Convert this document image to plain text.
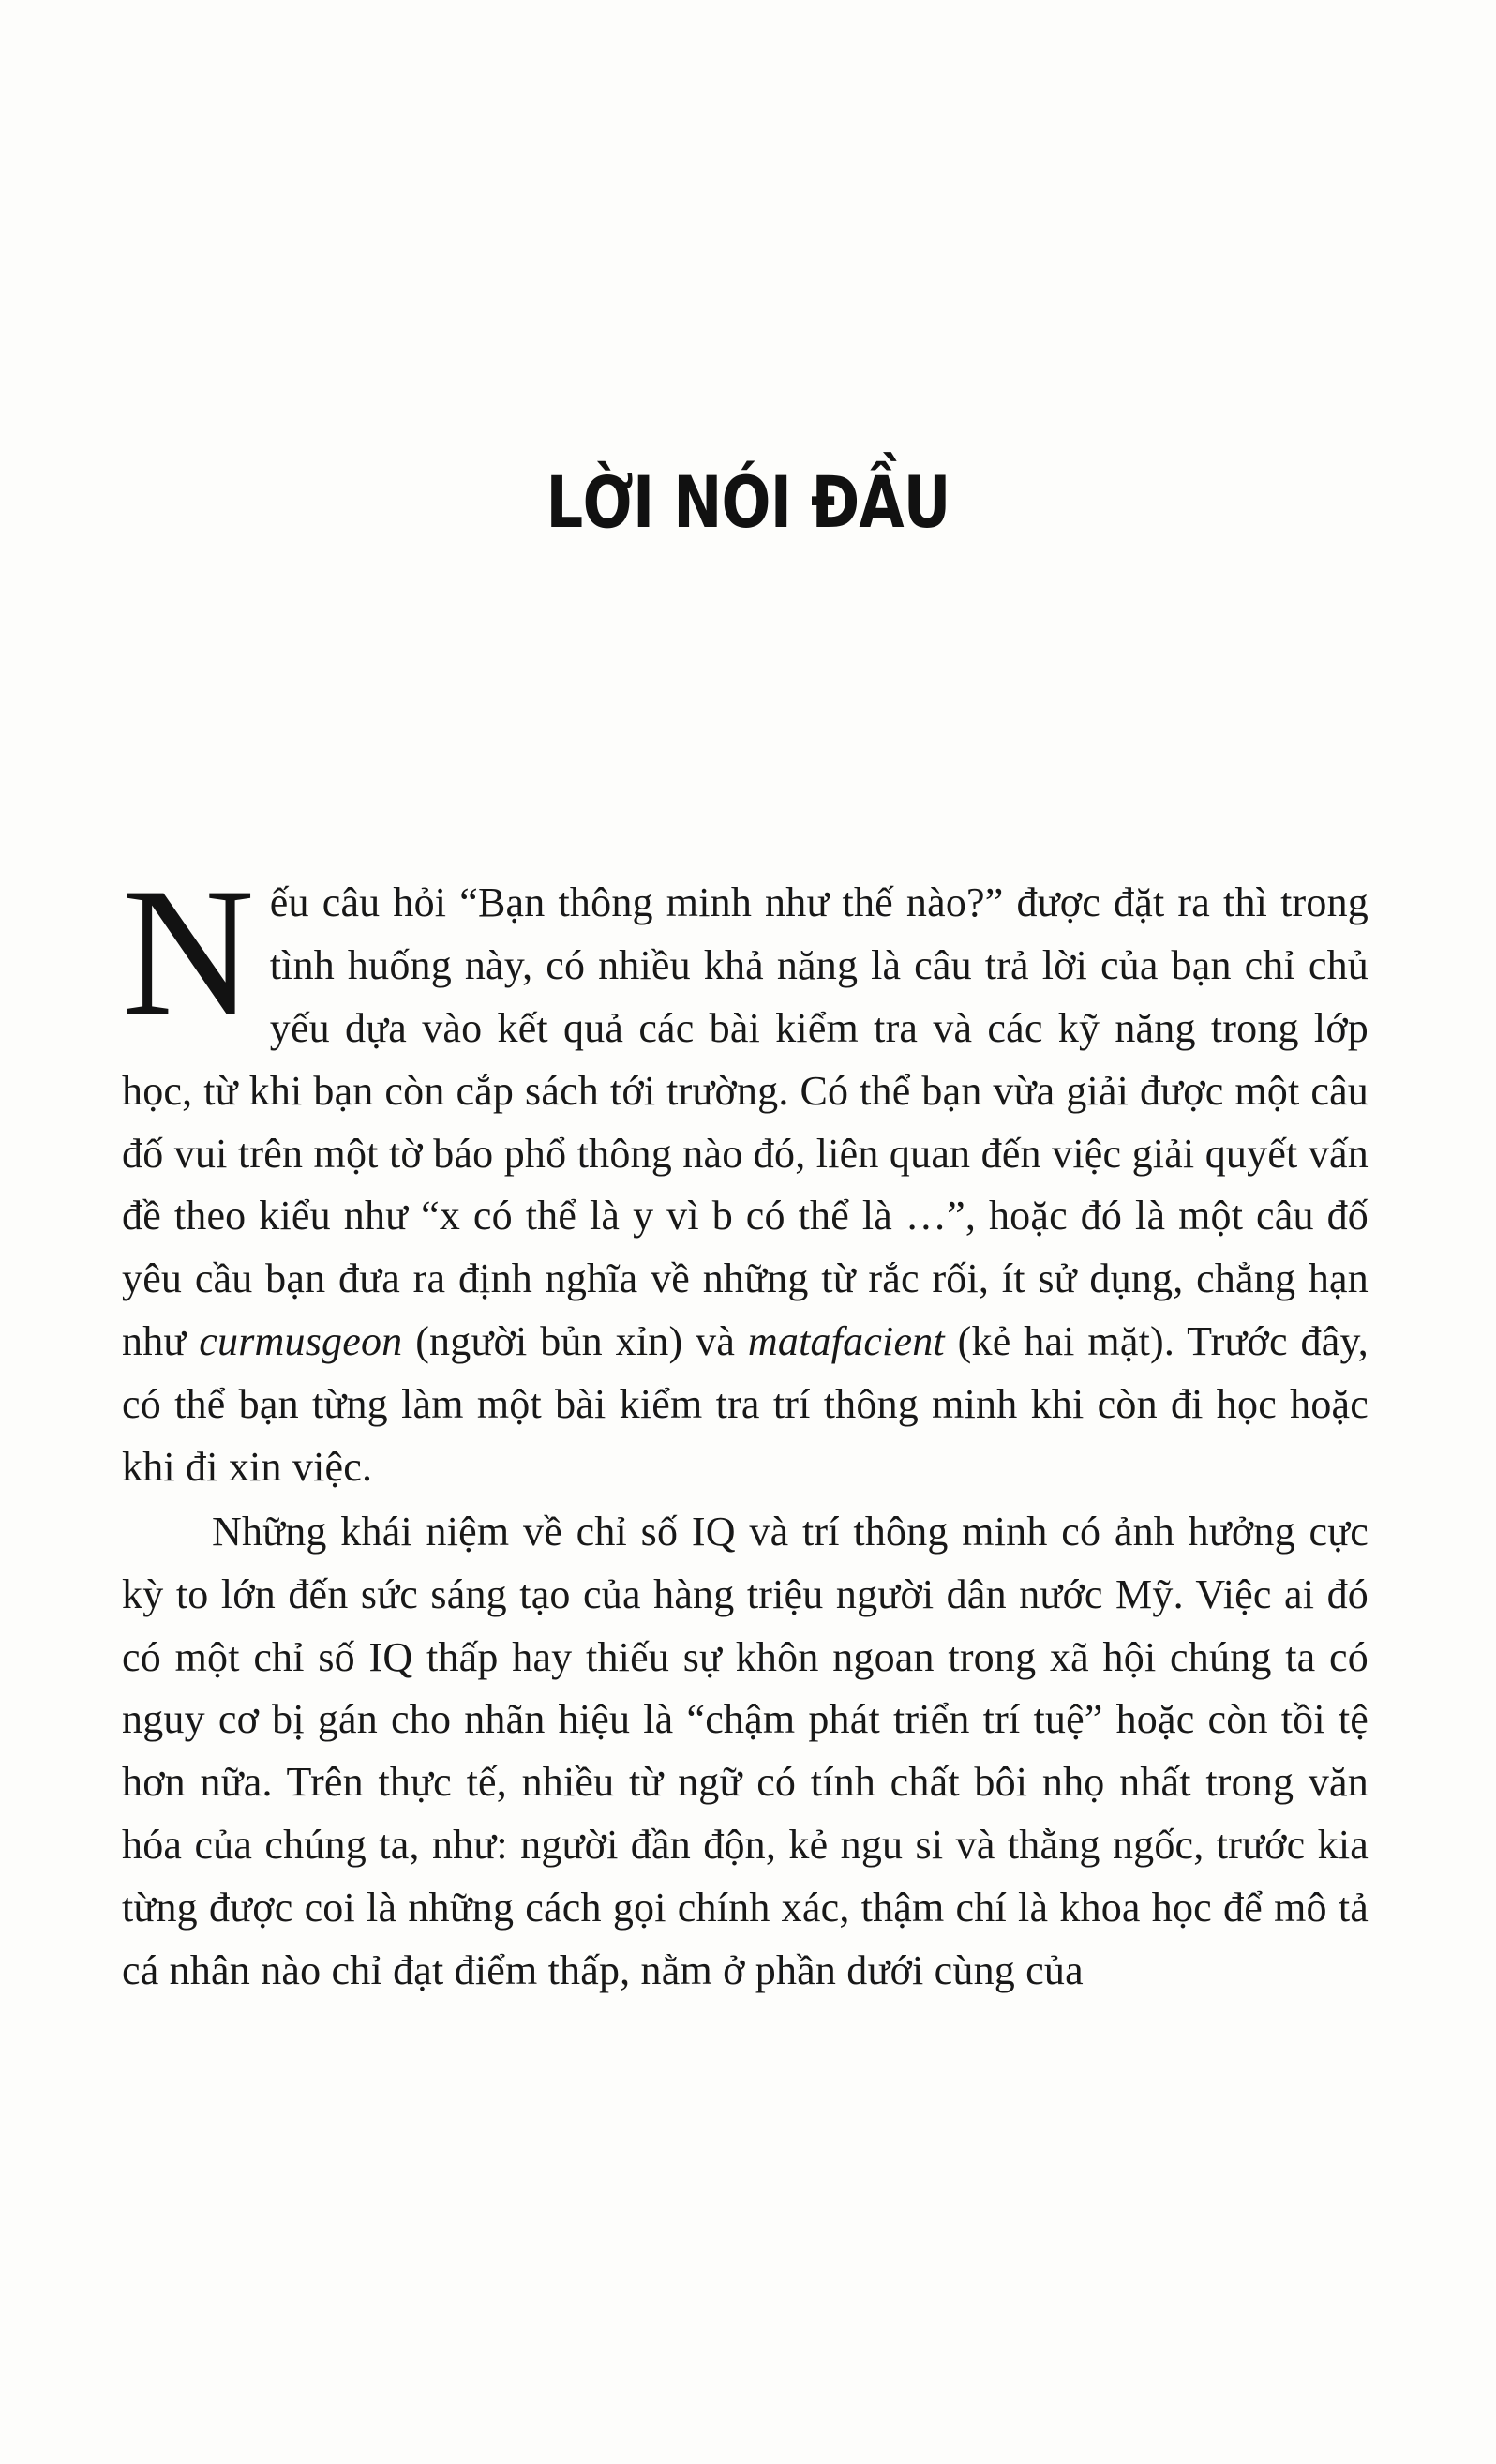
LỜI NÓI ĐẦU

Nếu câu hỏi “Bạn thông minh như thế nào?” được đặt ra thì trong tình huống này, có nhiều khả năng là câu trả lời của bạn chỉ chủ yếu dựa vào kết quả các bài kiểm tra và các kỹ năng trong lớp học, từ khi bạn còn cắp sách tới trường. Có thể bạn vừa giải được một câu đố vui trên một tờ báo phổ thông nào đó, liên quan đến việc giải quyết vấn đề theo kiểu như “x có thể là y vì b có thể là …”, hoặc đó là một câu đố yêu cầu bạn đưa ra định nghĩa về những từ rắc rối, ít sử dụng, chẳng hạn như curmusgeon (người bủn xỉn) và matafacient (kẻ hai mặt). Trước đây, có thể bạn từng làm một bài kiểm tra trí thông minh khi còn đi học hoặc khi đi xin việc.

Những khái niệm về chỉ số IQ và trí thông minh có ảnh hưởng cực kỳ to lớn đến sức sáng tạo của hàng triệu người dân nước Mỹ. Việc ai đó có một chỉ số IQ thấp hay thiếu sự khôn ngoan trong xã hội chúng ta có nguy cơ bị gán cho nhãn hiệu là “chậm phát triển trí tuệ” hoặc còn tồi tệ hơn nữa. Trên thực tế, nhiều từ ngữ có tính chất bôi nhọ nhất trong văn hóa của chúng ta, như: người đần độn, kẻ ngu si và thằng ngốc, trước kia từng được coi là những cách gọi chính xác, thậm chí là khoa học để mô tả cá nhân nào chỉ đạt điểm thấp, nằm ở phần dưới cùng của
